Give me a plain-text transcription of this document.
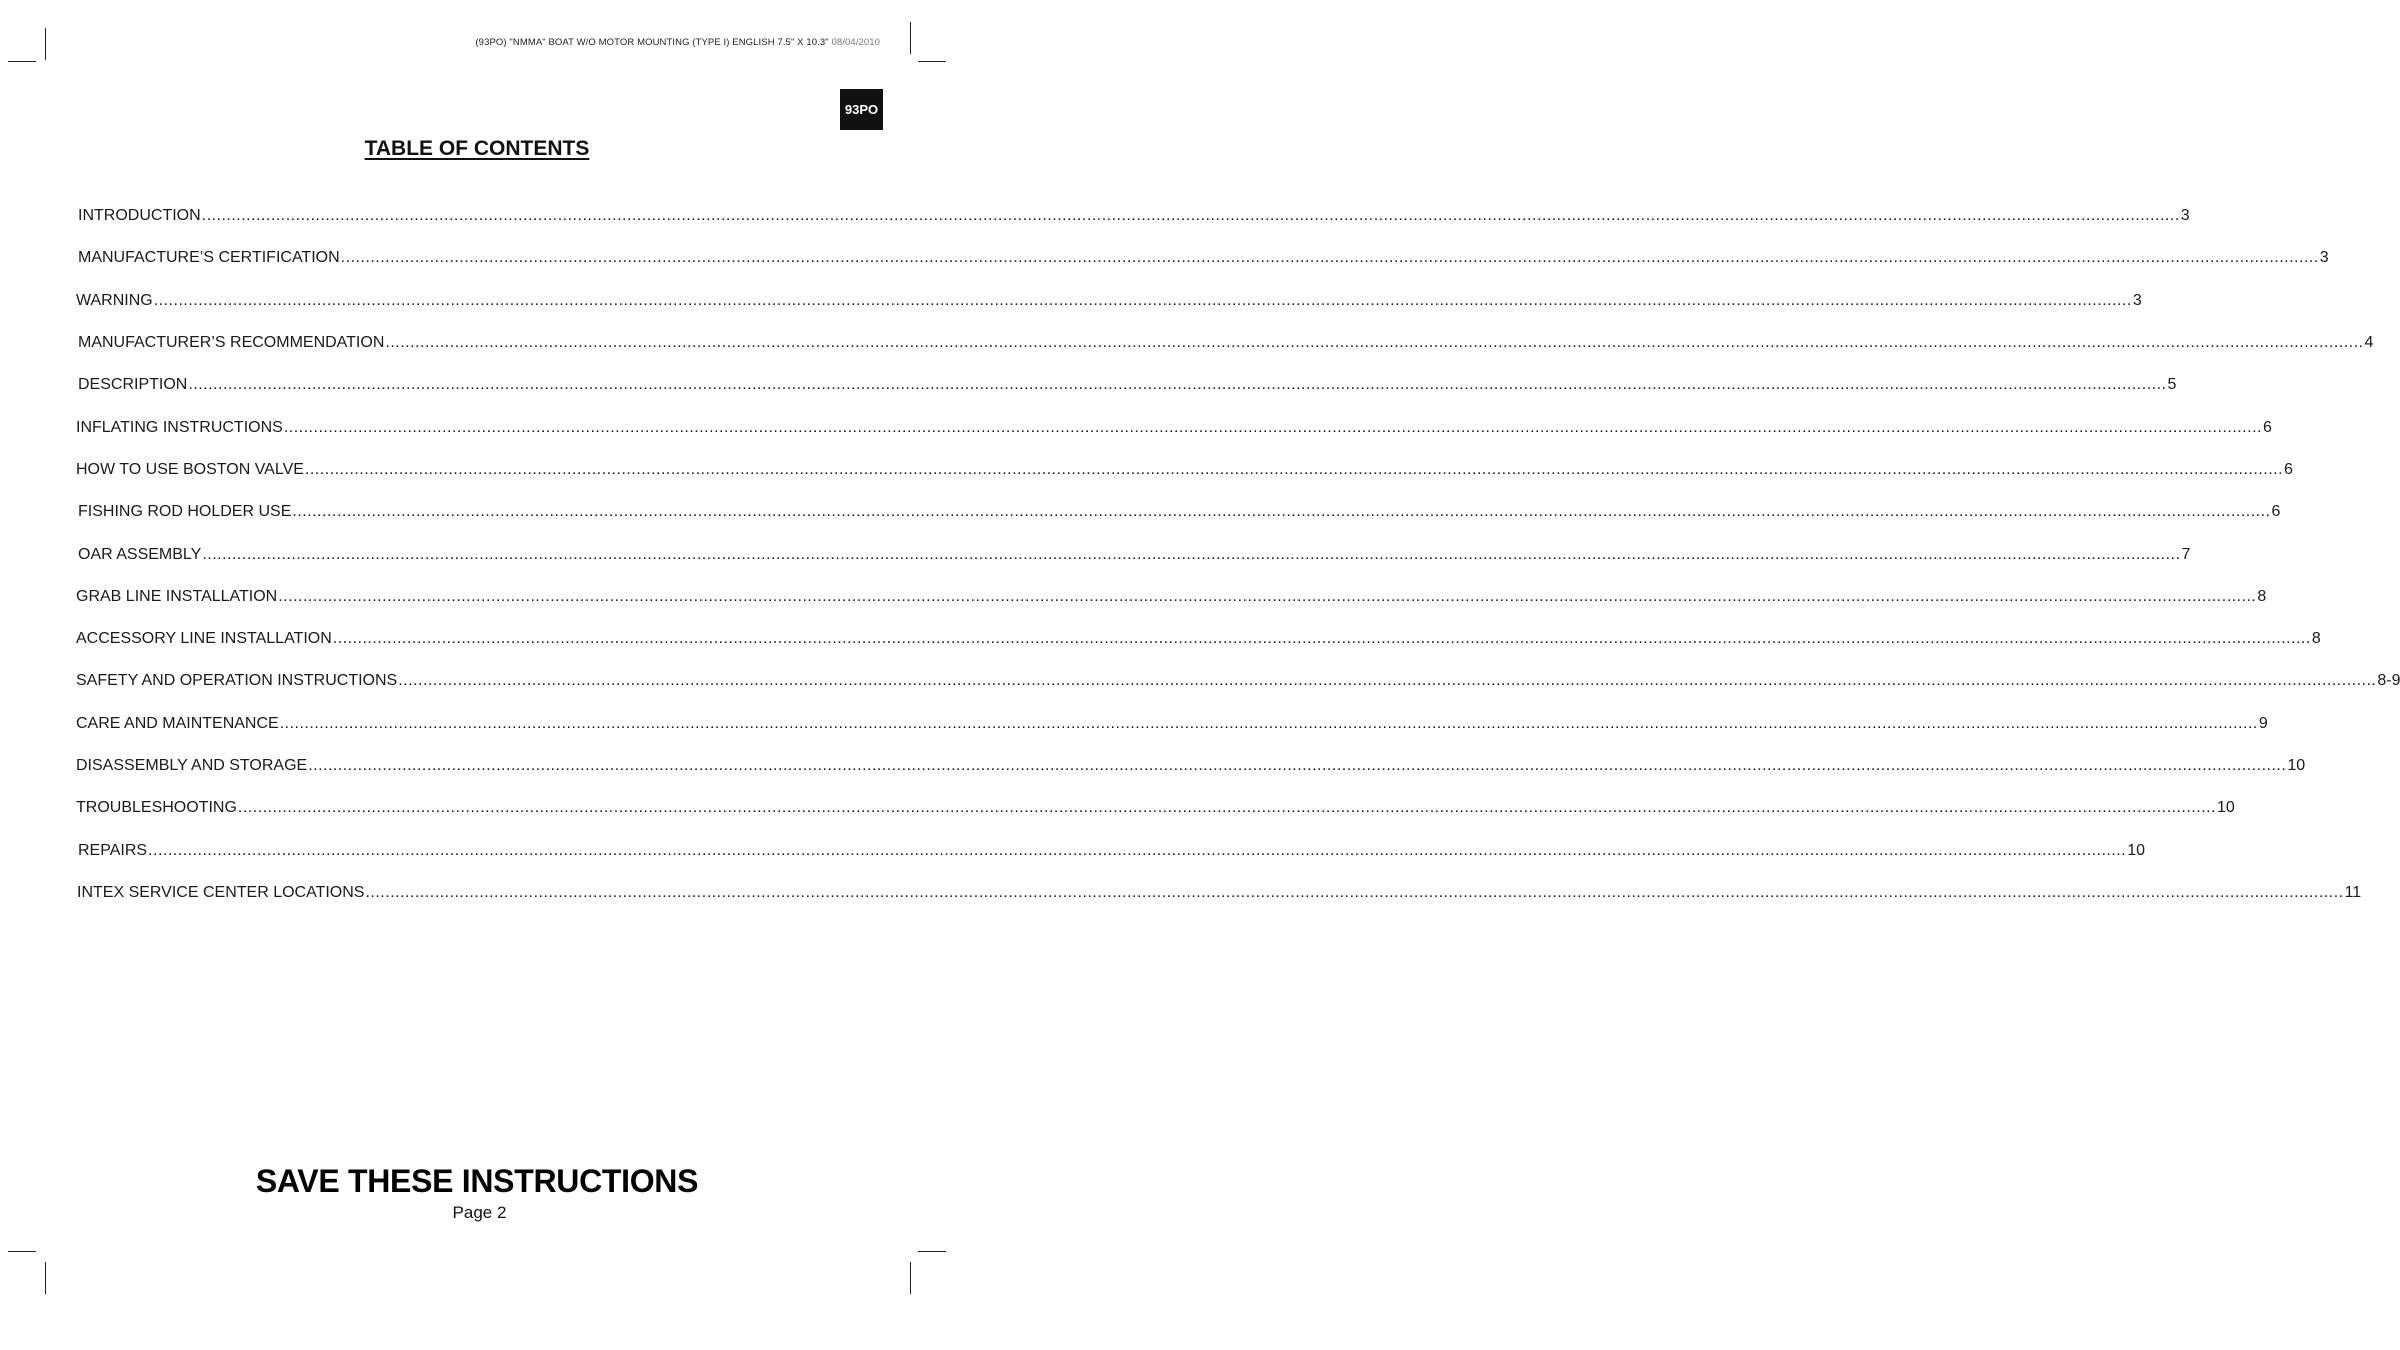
(93PO) "NMMA" BOAT W/O MOTOR MOUNTING (TYPE I) ENGLISH 7.5" X 10.3" 08/04/2010
93PO
TABLE OF CONTENTS
INTRODUCTION ................................................................................................................................................................................................................................................................................................................................................................................................................ 3
MANUFACTURE’S CERTIFICATION ................................................................................................................................................................................................................................................................................................................................................................................................................ 3
WARNING ................................................................................................................................................................................................................................................................................................................................................................................................................ 3
MANUFACTURER’S RECOMMENDATION ................................................................................................................................................................................................................................................................................................................................................................................................................ 4
DESCRIPTION ................................................................................................................................................................................................................................................................................................................................................................................................................ 5
INFLATING INSTRUCTIONS ................................................................................................................................................................................................................................................................................................................................................................................................................ 6
HOW TO USE BOSTON VALVE ................................................................................................................................................................................................................................................................................................................................................................................................................ 6
FISHING ROD HOLDER USE ................................................................................................................................................................................................................................................................................................................................................................................................................ 6
OAR ASSEMBLY ................................................................................................................................................................................................................................................................................................................................................................................................................ 7
GRAB LINE INSTALLATION ................................................................................................................................................................................................................................................................................................................................................................................................................ 8
ACCESSORY LINE INSTALLATION ................................................................................................................................................................................................................................................................................................................................................................................................................ 8
SAFETY AND OPERATION INSTRUCTIONS ................................................................................................................................................................................................................................................................................................................................................................................................................ 8-9
CARE AND MAINTENANCE ................................................................................................................................................................................................................................................................................................................................................................................................................ 9
DISASSEMBLY AND STORAGE ................................................................................................................................................................................................................................................................................................................................................................................................................ 10
TROUBLESHOOTING ................................................................................................................................................................................................................................................................................................................................................................................................................ 10
REPAIRS ................................................................................................................................................................................................................................................................................................................................................................................................................ 10
INTEX SERVICE CENTER LOCATIONS ................................................................................................................................................................................................................................................................................................................................................................................................................ 11
SAVE THESE INSTRUCTIONS
Page 2
